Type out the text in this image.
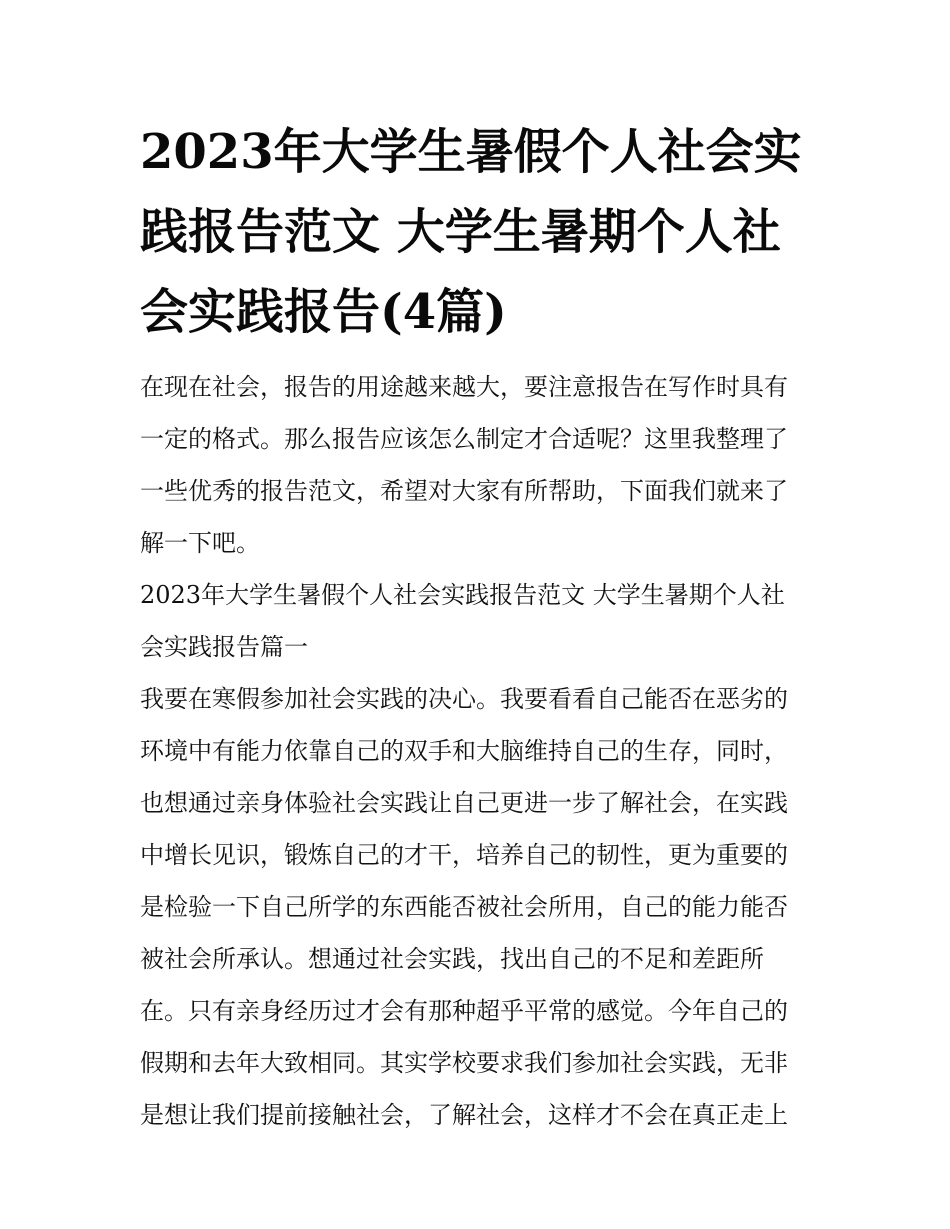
2023年大学生暑假个人社会实
践报告范文 大学生暑期个人社
会实践报告(4篇)

在现在社会，报告的用途越来越大，要注意报告在写作时具有
一定的格式。那么报告应该怎么制定才合适呢？这里我整理了
一些优秀的报告范文，希望对大家有所帮助，下面我们就来了
解一下吧。

2023年大学生暑假个人社会实践报告范文 大学生暑期个人社
会实践报告篇一

我要在寒假参加社会实践的决心。我要看看自己能否在恶劣的
环境中有能力依靠自己的双手和大脑维持自己的生存，同时，
也想通过亲身体验社会实践让自己更进一步了解社会，在实践
中增长见识，锻炼自己的才干，培养自己的韧性，更为重要的
是检验一下自己所学的东西能否被社会所用，自己的能力能否
被社会所承认。想通过社会实践，找出自己的不足和差距所
在。只有亲身经历过才会有那种超乎平常的感觉。今年自己的
假期和去年大致相同。其实学校要求我们参加社会实践，无非
是想让我们提前接触社会，了解社会，这样才不会在真正走上
